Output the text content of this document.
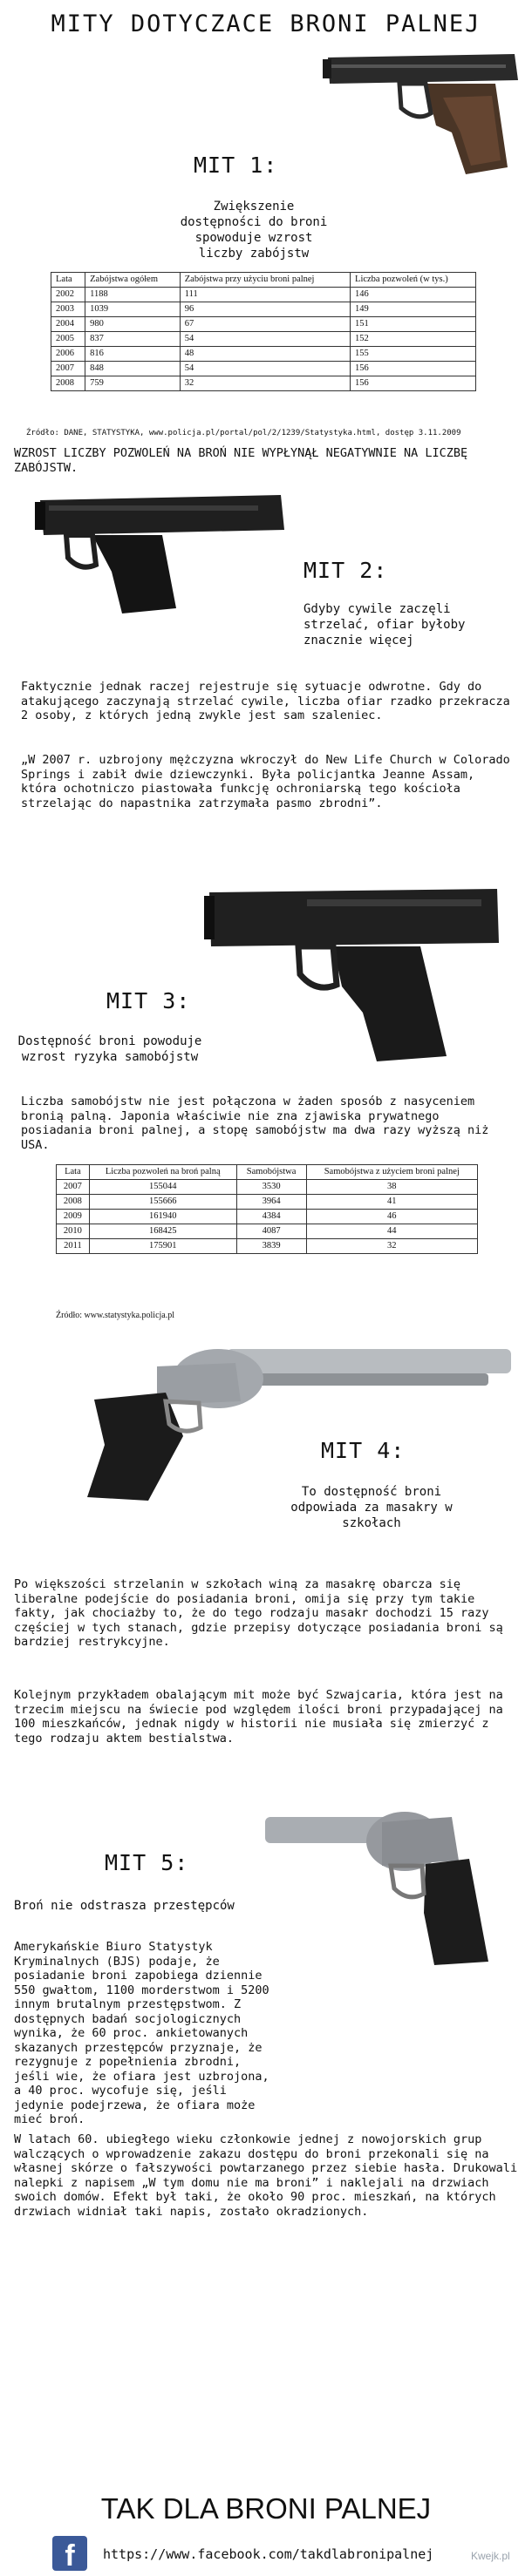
MITY DOTYCZACE BRONI PALNEJ
MIT 1:
Zwiększenie dostępności do broni spowoduje wzrost liczby zabójstw
Lata	Zabójstwa ogółem	Zabójstwa przy użyciu broni palnej	Liczba pozwoleń (w tys.)
2002	1188	111	146
2003	1039	96	149
2004	980	67	151
2005	837	54	152
2006	816	48	155
2007	848	54	156
2008	759	32	156
Źródło: DANE, STATYSTYKA, www.policja.pl/portal/pol/2/1239/Statystyka.html, dostęp 3.11.2009
WZROST LICZBY POZWOLEŃ NA BROŃ NIE WYPŁYNĄŁ NEGATYWNIE NA LICZBĘ ZABÓJSTW.
MIT 2:
Gdyby cywile zaczęli strzelać, ofiar byłoby znacznie więcej
Faktycznie jednak raczej rejestruje się sytuacje odwrotne. Gdy do atakującego zaczynają strzelać cywile, liczba ofiar rzadko przekracza 2 osoby, z których jedną zwykle jest sam szaleniec.
„W 2007 r. uzbrojony mężczyzna wkroczył do New Life Church w Colorado Springs i zabił dwie dziewczynki. Była policjantka Jeanne Assam, która ochotniczo piastowała funkcję ochroniarską tego kościoła strzelając do napastnika zatrzymała pasmo zbrodni”.
MIT 3:
Dostępność broni powoduje wzrost ryzyka samobójstw
Liczba samobójstw nie jest połączona w żaden sposób z nasyceniem bronią palną. Japonia właściwie nie zna zjawiska prywatnego posiadania broni palnej, a stopę samobójstw ma dwa razy wyższą niż USA.
Lata	Liczba pozwoleń na broń palną	Samobójstwa	Samobójstwa z użyciem broni palnej
2007	155044	3530	38
2008	155666	3964	41
2009	161940	4384	46
2010	168425	4087	44
2011	175901	3839	32
Źródło: www.statystyka.policja.pl
MIT 4:
To dostępność broni odpowiada za masakry w szkołach
Po większości strzelanin w szkołach winą za masakrę obarcza się liberalne podejście do posiadania broni, omija się przy tym takie fakty, jak chociażby to, że do tego rodzaju masakr dochodzi 15 razy częściej w tych stanach, gdzie przepisy dotyczące posiadania broni są bardziej restrykcyjne.
Kolejnym przykładem obalającym mit może być Szwajcaria, która jest na trzecim miejscu na świecie pod względem ilości broni przypadającej na 100 mieszkańców, jednak nigdy w historii nie musiała się zmierzyć z tego rodzaju aktem bestialstwa.
MIT 5:
Broń nie odstrasza przestępców
Amerykańskie Biuro Statystyk Kryminalnych (BJS) podaje, że posiadanie broni zapobiega dziennie 550 gwałtom, 1100 morderstwom i 5200 innym brutalnym przestępstwom. Z dostępnych badań socjologicznych wynika, że 60 proc. ankietowanych skazanych przestępców przyznaje, że rezygnuje z popełnienia zbrodni, jeśli wie, że ofiara jest uzbrojona, a 40 proc. wycofuje się, jeśli jedynie podejrzewa, że ofiara może mieć broń.
W latach 60. ubiegłego wieku członkowie jednej z nowojorskich grup walczących o wprowadzenie zakazu dostępu do broni przekonali się na własnej skórze o fałszywości powtarzanego przez siebie hasła. Drukowali nalepki z napisem „W tym domu nie ma broni” i naklejali na drzwiach swoich domów. Efekt był taki, że około 90 proc. mieszkań, na których drzwiach widniał taki napis, zostało okradzionych.
TAK DLA BRONI PALNEJ
f	https://www.facebook.com/takdlabronipalnej	Kwejk.pl
